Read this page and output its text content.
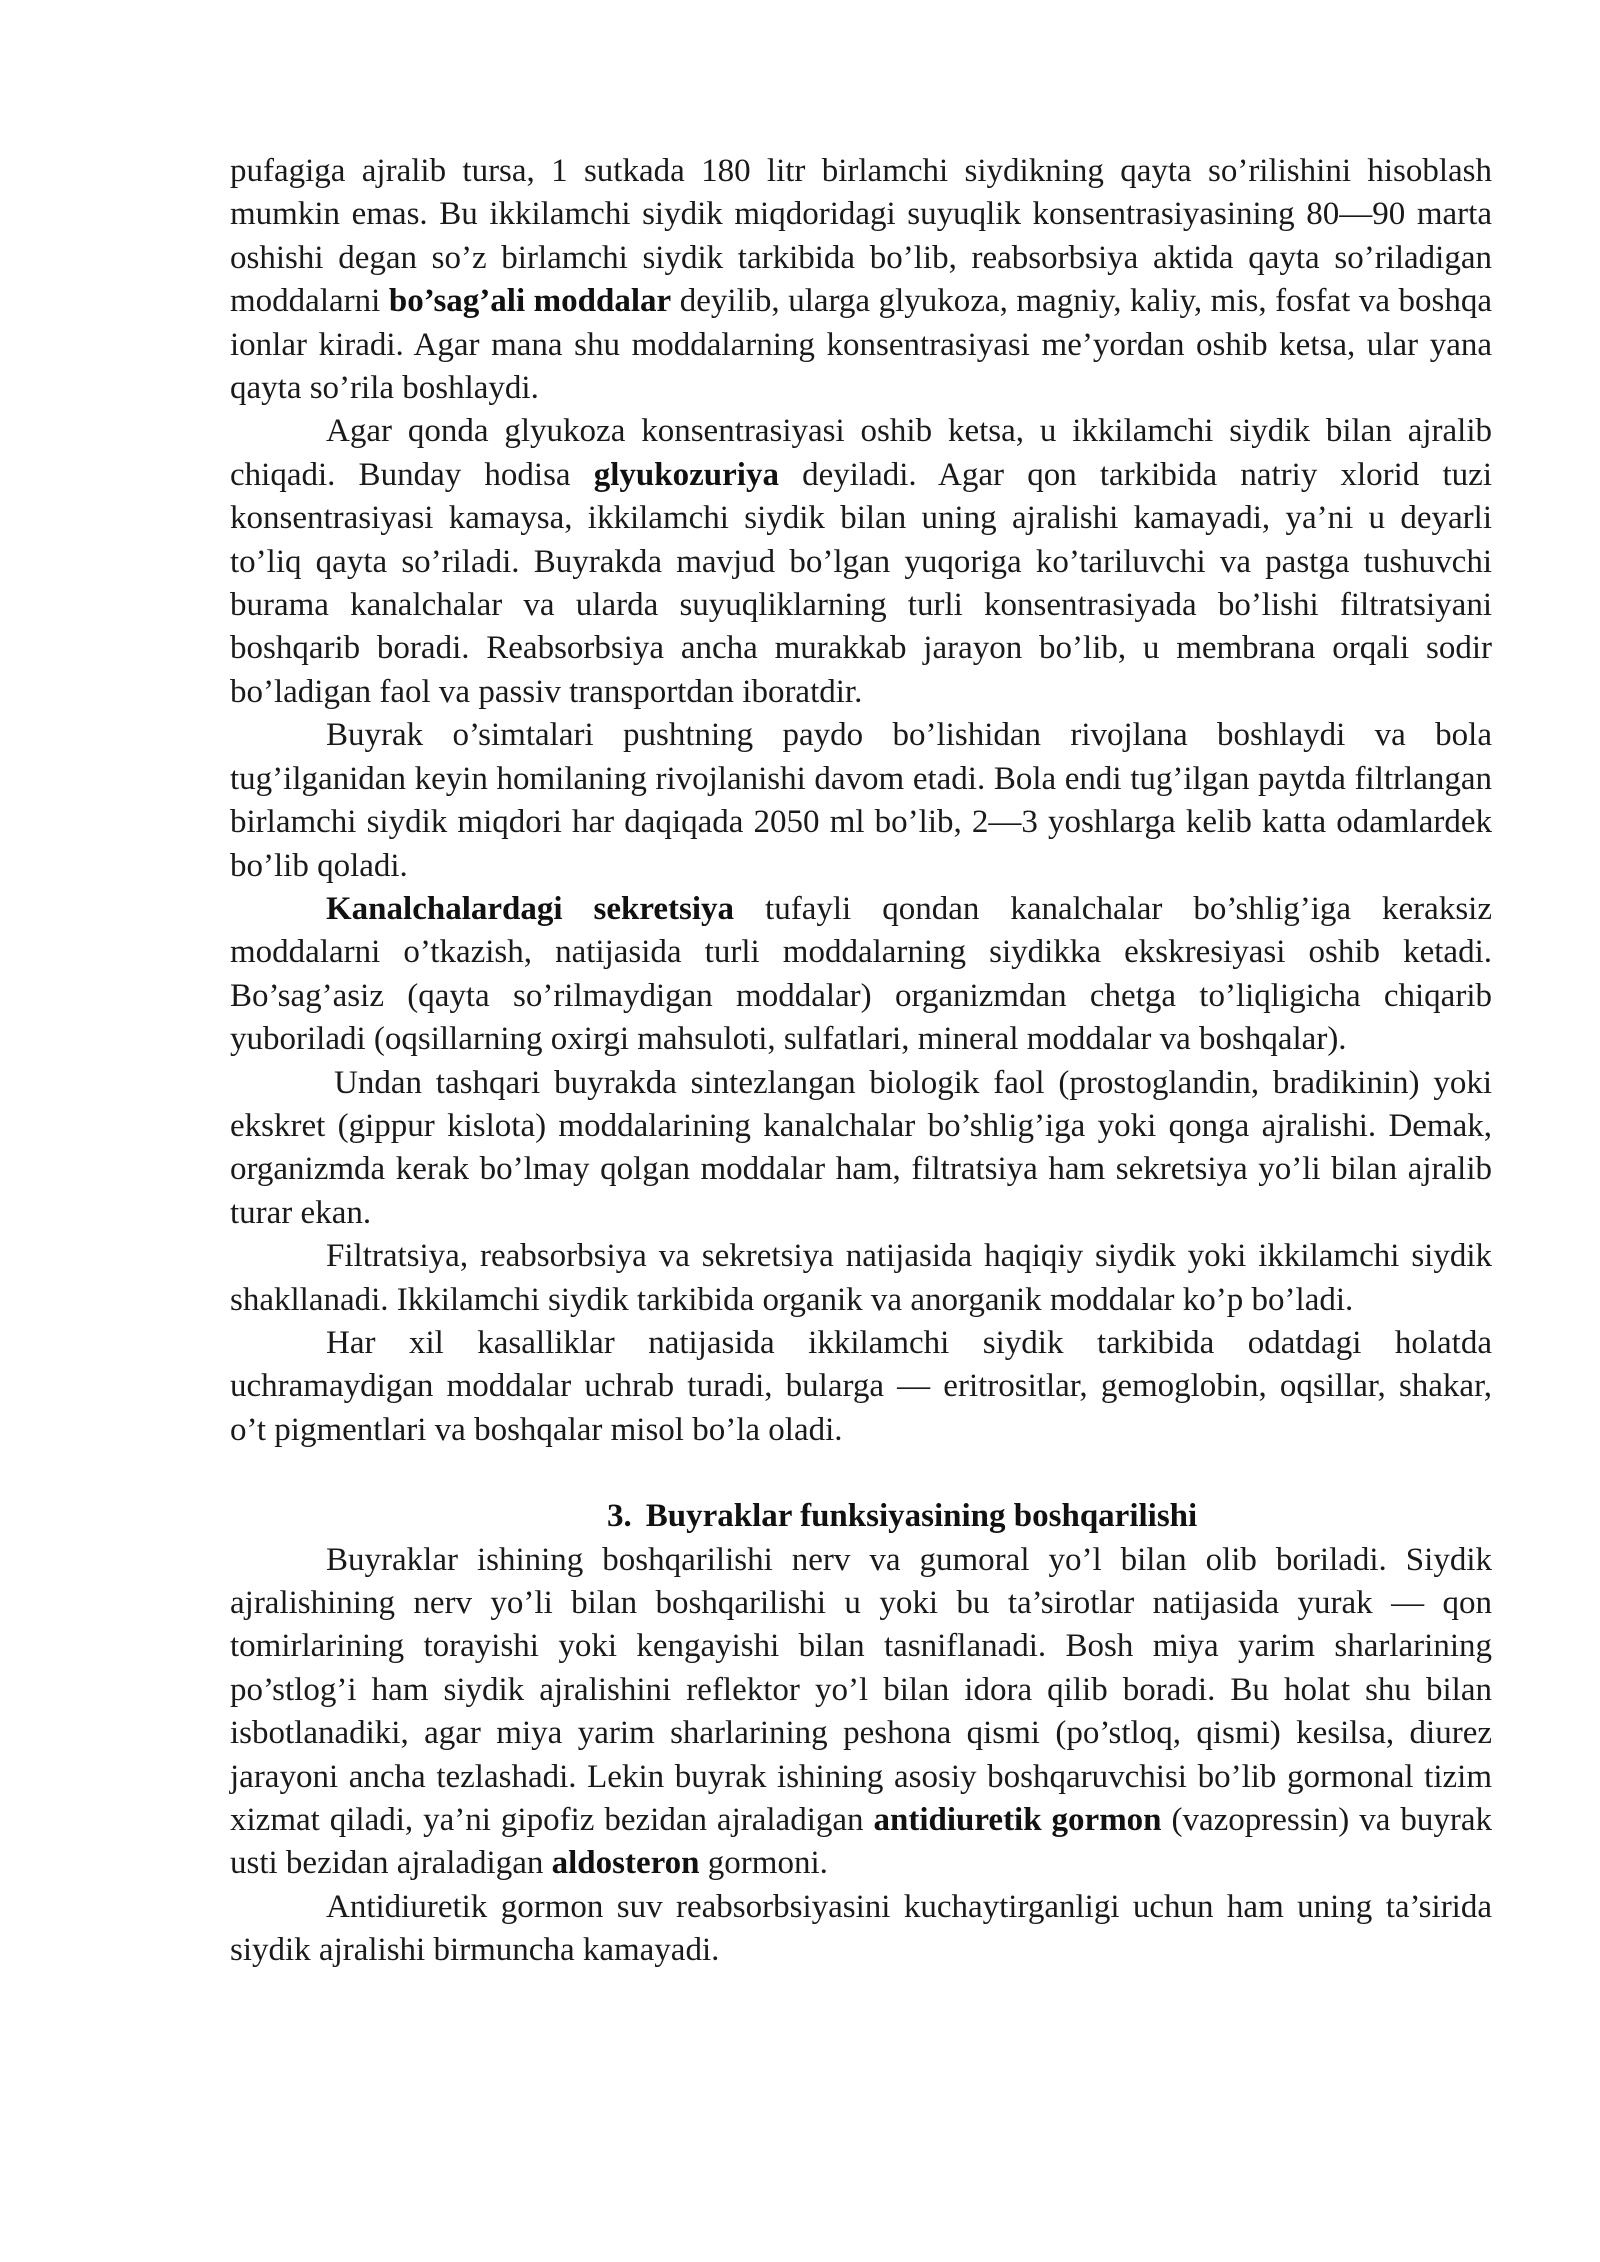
pufagiga ajralib tursa, 1 sutkada 180 litr birlamchi siydikning qayta so’rilishini hisoblash mumkin emas. Bu ikkilamchi siydik miqdoridagi suyuqlik konsentrasiyasining 80—90 marta oshishi degan so’z birlamchi siydik tarkibida bo’lib, reabsorbsiya aktida qayta so’riladigan moddalarni bo’sag’ali moddalar deyilib, ularga glyukoza, magniy, kaliy, mis, fosfat va boshqa ionlar kiradi. Agar mana shu moddalarning konsentrasiyasi me’yordan oshib ketsa, ular yana qayta so’rila boshlaydi.

Agar qonda glyukoza konsentrasiyasi oshib ketsa, u ikkilamchi siydik bilan ajralib chiqadi. Bunday hodisa glyukozuriya deyiladi. Agar qon tarkibida natriy xlorid tuzi konsentrasiyasi kamaysa, ikkilamchi siydik bilan uning ajralishi kamayadi, ya’ni u deyarli to’liq qayta so’riladi. Buyrakda mavjud bo’lgan yuqoriga ko’tariluvchi va pastga tushuvchi burama kanalchalar va ularda suyuqliklarning turli konsentrasiyada bo’lishi filtratsiyani boshqarib boradi. Reabsorbsiya ancha murakkab jarayon bo’lib, u membrana orqali sodir bo’ladigan faol va passiv transportdan iboratdir.

Buyrak o’simtalari pushtning paydo bo’lishidan rivojlana boshlaydi va bola tug’ilganidan keyin homilaning rivojlanishi davom etadi. Bola endi tug’ilgan paytda filtrlangan birlamchi siydik miqdori har daqiqada 2050 ml bo’lib, 2—3 yoshlarga kelib katta odamlardek bo’lib qoladi.

Kanalchalardagi sekretsiya tufayli qondan kanalchalar bo’shlig’iga keraksiz moddalarni o’tkazish, natijasida turli moddalarning siydikka ekskresiyasi oshib ketadi. Bo’sag’asiz (qayta so’rilmaydigan moddalar) organizmdan chetga to’liqligicha chiqarib yuboriladi (oqsillarning oxirgi mahsuloti, sulfatlari, mineral moddalar va boshqalar).

Undan tashqari buyrakda sintezlangan biologik faol (prostoglandin, bradikinin) yoki ekskret (gippur kislota) moddalarining kanalchalar bo’shlig’iga yoki qonga ajralishi. Demak, organizmda kerak bo’lmay qolgan moddalar ham, filtratsiya ham sekretsiya yo’li bilan ajralib turar ekan.

Filtratsiya, reabsorbsiya va sekretsiya natijasida haqiqiy siydik yoki ikkilamchi siydik shakllanadi. Ikkilamchi siydik tarkibida organik va anorganik moddalar ko’p bo’ladi.

Har xil kasalliklar natijasida ikkilamchi siydik tarkibida odatdagi holatda uchramaydigan moddalar uchrab turadi, bularga — eritrositlar, gemoglobin, oqsillar, shakar, o’t pigmentlari va boshqalar misol bo’la oladi.

3. Buyraklar funksiyasining boshqarilishi

Buyraklar ishining boshqarilishi nerv va gumoral yo’l bilan olib boriladi. Siydik ajralishining nerv yo’li bilan boshqarilishi u yoki bu ta’sirotlar natijasida yurak — qon tomirlarining torayishi yoki kengayishi bilan tasniflanadi. Bosh miya yarim sharlarining po’stlog’i ham siydik ajralishini reflektor yo’l bilan idora qilib boradi. Bu holat shu bilan isbotlanadiki, agar miya yarim sharlarining peshona qismi (po’stloq, qismi) kesilsa, diurez jarayoni ancha tezlashadi. Lekin buyrak ishining asosiy boshqaruvchisi bo’lib gormonal tizim xizmat qiladi, ya’ni gipofiz bezidan ajraladigan antidiuretik gormon (vazopressin) va buyrak usti bezidan ajraladigan aldosteron gormoni.

Antidiuretik gormon suv reabsorbsiyasini kuchaytirganligi uchun ham uning ta’sirida siydik ajralishi birmuncha kamayadi.
